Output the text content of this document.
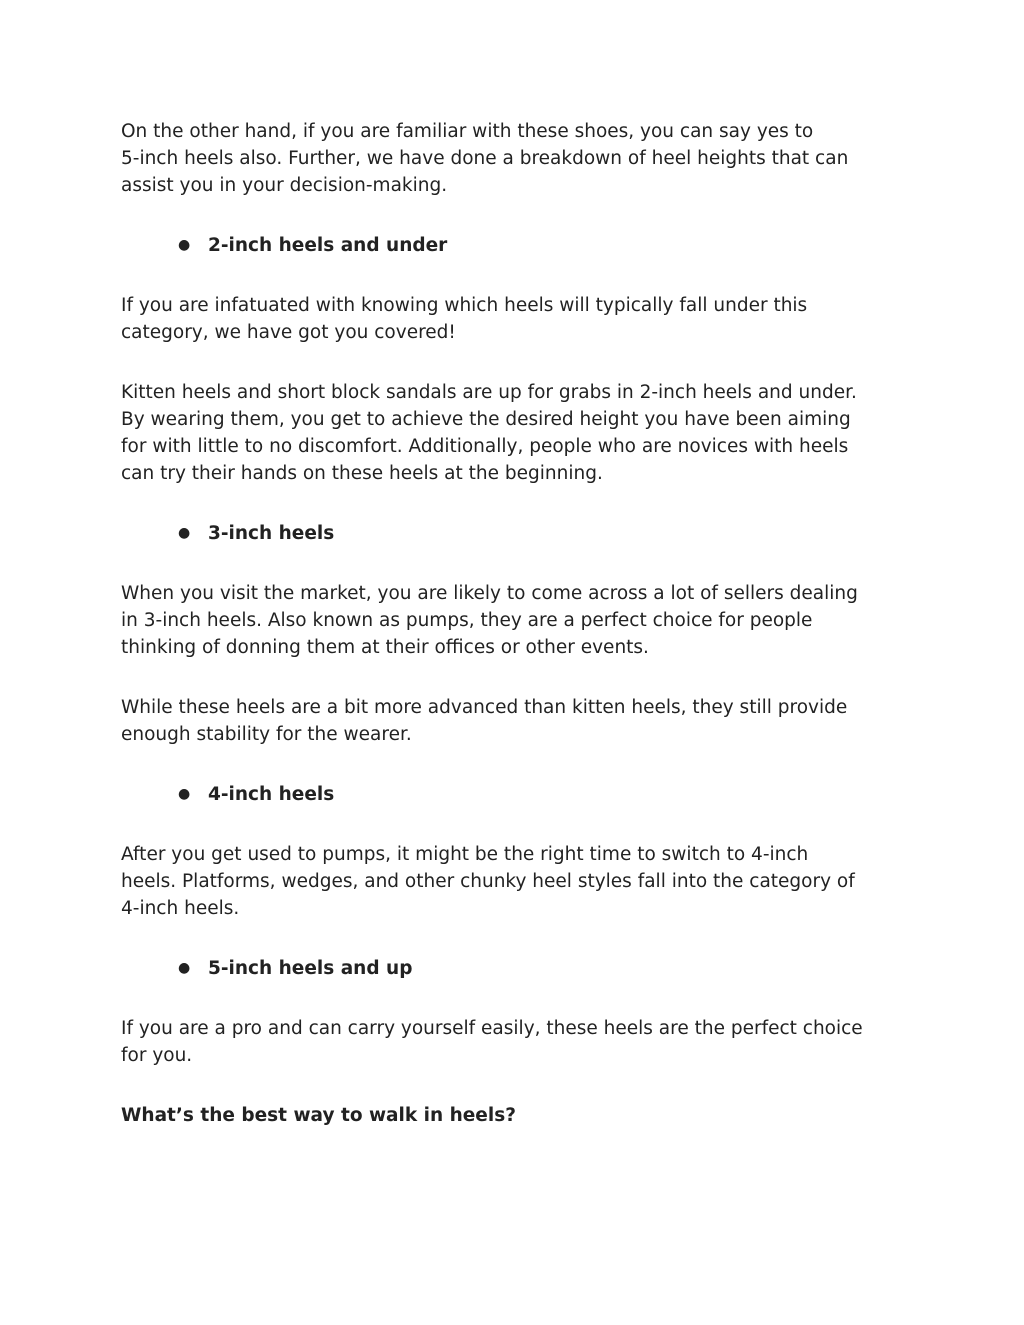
On the other hand, if you are familiar with these shoes, you can say yes to
5-inch heels also. Further, we have done a breakdown of heel heights that can
assist you in your decision-making.

● 2-inch heels and under

If you are infatuated with knowing which heels will typically fall under this
category, we have got you covered!

Kitten heels and short block sandals are up for grabs in 2-inch heels and under.
By wearing them, you get to achieve the desired height you have been aiming
for with little to no discomfort. Additionally, people who are novices with heels
can try their hands on these heels at the beginning.

● 3-inch heels

When you visit the market, you are likely to come across a lot of sellers dealing
in 3-inch heels. Also known as pumps, they are a perfect choice for people
thinking of donning them at their offices or other events.

While these heels are a bit more advanced than kitten heels, they still provide
enough stability for the wearer.

● 4-inch heels

After you get used to pumps, it might be the right time to switch to 4-inch
heels. Platforms, wedges, and other chunky heel styles fall into the category of
4-inch heels.

● 5-inch heels and up

If you are a pro and can carry yourself easily, these heels are the perfect choice
for you.

What’s the best way to walk in heels?
